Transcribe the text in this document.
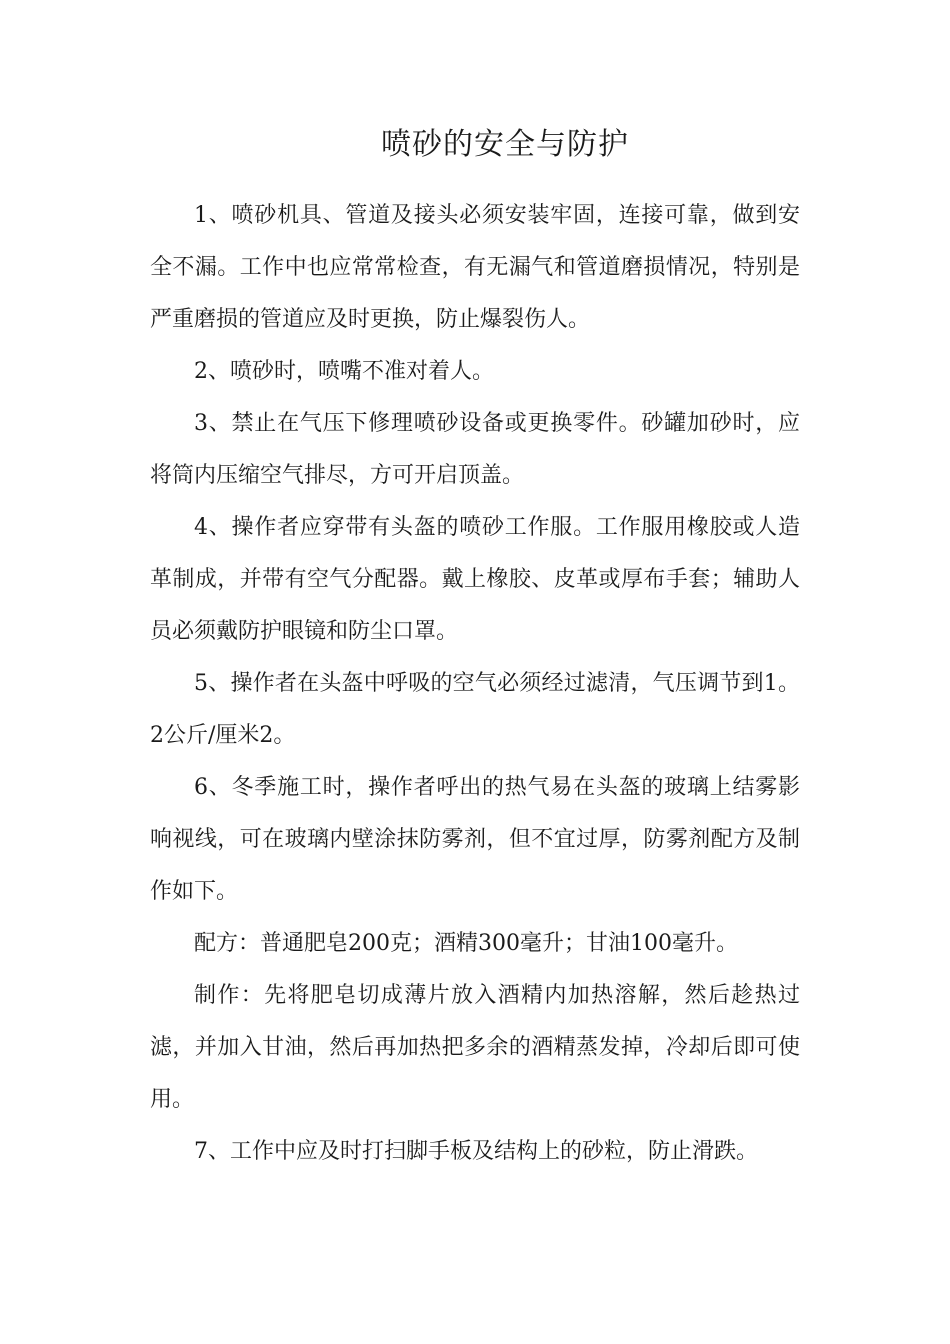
喷砂的安全与防护

1、喷砂机具、管道及接头必须安装牢固，连接可靠，做到安全不漏。工作中也应常常检查，有无漏气和管道磨损情况，特别是严重磨损的管道应及时更换，防止爆裂伤人。

2、喷砂时，喷嘴不准对着人。

3、禁止在气压下修理喷砂设备或更换零件。砂罐加砂时，应将筒内压缩空气排尽，方可开启顶盖。

4、操作者应穿带有头盔的喷砂工作服。工作服用橡胶或人造革制成，并带有空气分配器。戴上橡胶、皮革或厚布手套；辅助人员必须戴防护眼镜和防尘口罩。

5、操作者在头盔中呼吸的空气必须经过滤清，气压调节到1。2公斤/厘米2。

6、冬季施工时，操作者呼出的热气易在头盔的玻璃上结雾影响视线，可在玻璃内壁涂抹防雾剂，但不宜过厚，防雾剂配方及制作如下。

配方：普通肥皂200克；酒精300毫升；甘油100毫升。

制作：先将肥皂切成薄片放入酒精内加热溶解，然后趁热过滤，并加入甘油，然后再加热把多余的酒精蒸发掉，冷却后即可使用。

7、工作中应及时打扫脚手板及结构上的砂粒，防止滑跌。
